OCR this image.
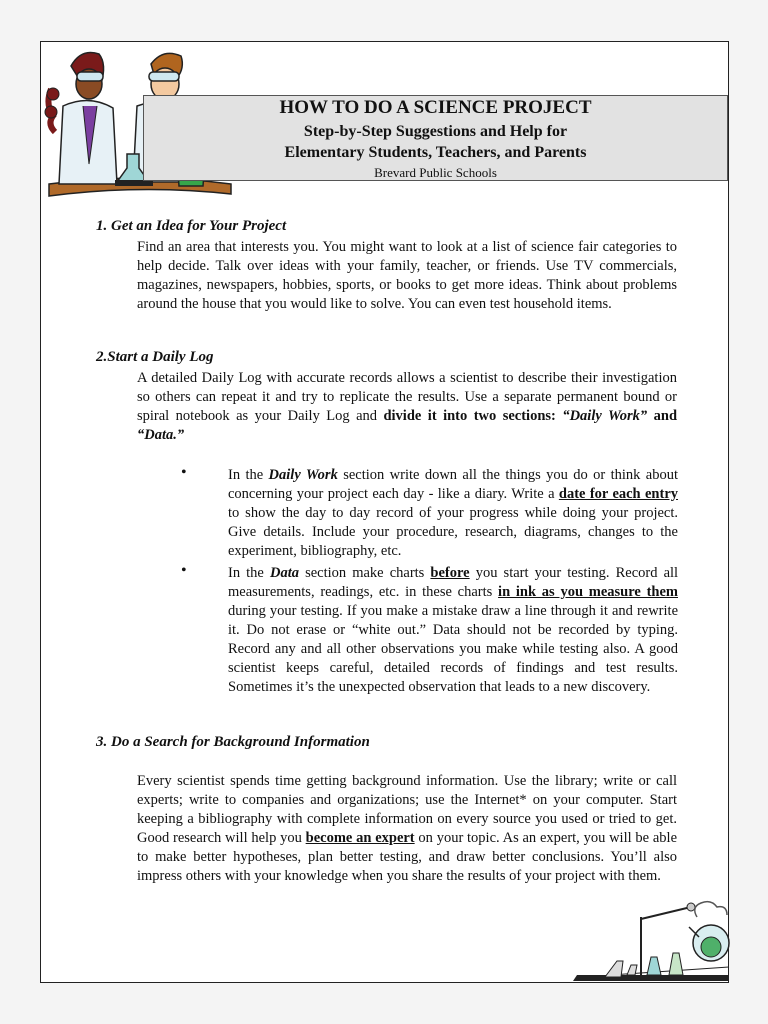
HOW TO DO A SCIENCE PROJECT
Step-by-Step Suggestions and Help for
Elementary Students, Teachers, and Parents
Brevard Public Schools
1. Get an Idea for Your Project
Find an area that interests you. You might want to look at a list of science fair categories to help decide. Talk over ideas with your family, teacher, or friends. Use TV commercials, magazines, newspapers, hobbies, sports, or books to get more ideas. Think about problems around the house that you would like to solve. You can even test household items.
2.Start a Daily Log
A detailed Daily Log with accurate records allows a scientist to describe their investigation so others can repeat it and try to replicate the results. Use a separate permanent bound or spiral notebook as your Daily Log and divide it into two sections: “Daily Work” and “Data.”
•	In the Daily Work section write down all the things you do or think about concerning your project each day - like a diary. Write a date for each entry to show the day to day record of your progress while doing your project. Give details. Include your procedure, research, diagrams, changes to the experiment, bibliography, etc.
•	In the Data section make charts before you start your testing. Record all measurements, readings, etc. in these charts in ink as you measure them during your testing. If you make a mistake draw a line through it and rewrite it. Do not erase or “white out.” Data should not be recorded by typing. Record any and all other observations you make while testing also. A good scientist keeps careful, detailed records of findings and test results. Sometimes it’s the unexpected observation that leads to a new discovery.
3. Do a Search for Background Information
Every scientist spends time getting background information. Use the library; write or call experts; write to companies and organizations; use the Internet* on your computer. Start keeping a bibliography with complete information on every source you used or tried to get. Good research will help you become an expert on your topic. As an expert, you will be able to make better hypotheses, plan better testing, and draw better conclusions. You’ll also impress others with your knowledge when you share the results of your project with them.
